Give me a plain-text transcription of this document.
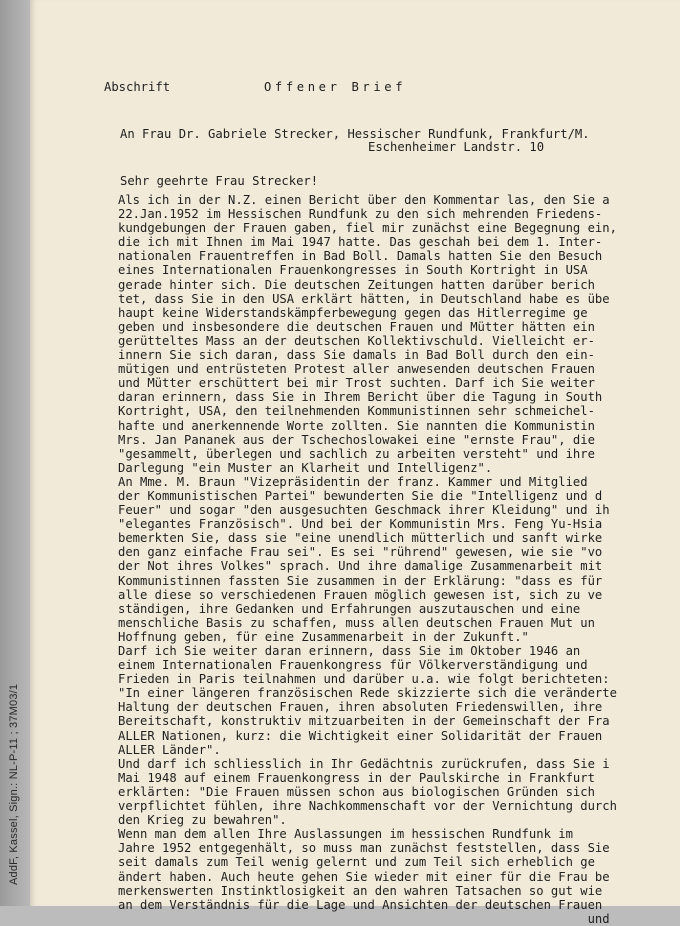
AddF, Kassel, Sign.: NL-P-11 ; 37M03/1
Abschrift	Offener Brief
An Frau Dr. Gabriele Strecker, Hessischer Rundfunk, Frankfurt/M.
Eschenheimer Landstr. 10
Sehr geehrte Frau Strecker!
Als ich in der N.Z. einen Bericht über den Kommentar las, den Sie a
22.Jan.1952 im Hessischen Rundfunk zu den sich mehrenden Friedens-
kundgebungen der Frauen gaben, fiel mir zunächst eine Begegnung ein,
die ich mit Ihnen im Mai 1947 hatte. Das geschah bei dem 1. Inter-
nationalen Frauentreffen in Bad Boll. Damals hatten Sie den Besuch
eines Internationalen Frauenkongresses in South Kortright in USA
gerade hinter sich. Die deutschen Zeitungen hatten darüber berich
tet, dass Sie in den USA erklärt hätten, in Deutschland habe es übe
haupt keine Widerstandskämpferbewegung gegen das Hitlerregime ge
geben und insbesondere die deutschen Frauen und Mütter hätten ein
gerütteltes Mass an der deutschen Kollektivschuld. Vielleicht er-
innern Sie sich daran, dass Sie damals in Bad Boll durch den ein-
mütigen und entrüsteten Protest aller anwesenden deutschen Frauen
und Mütter erschüttert bei mir Trost suchten. Darf ich Sie weiter
daran erinnern, dass Sie in Ihrem Bericht über die Tagung in South
Kortright, USA, den teilnehmenden Kommunistinnen sehr schmeichel-
hafte und anerkennende Worte zollten. Sie nannten die Kommunistin
Mrs. Jan Pananek aus der Tschechoslowakei eine "ernste Frau", die
"gesammelt, überlegen und sachlich zu arbeiten versteht" und ihre
Darlegung "ein Muster an Klarheit und Intelligenz".
An Mme. M. Braun "Vizepräsidentin der franz. Kammer und Mitglied
der Kommunistischen Partei" bewunderten Sie die "Intelligenz und d
Feuer" und sogar "den ausgesuchten Geschmack ihrer Kleidung" und ih
"elegantes Französisch". Und bei der Kommunistin Mrs. Feng Yu-Hsia
bemerkten Sie, dass sie "eine unendlich mütterlich und sanft wirke
den ganz einfache Frau sei". Es sei "rührend" gewesen, wie sie "vo
der Not ihres Volkes" sprach. Und ihre damalige Zusammenarbeit mit
Kommunistinnen fassten Sie zusammen in der Erklärung: "dass es für
alle diese so verschiedenen Frauen möglich gewesen ist, sich zu ve
ständigen, ihre Gedanken und Erfahrungen auszutauschen und eine
menschliche Basis zu schaffen, muss allen deutschen Frauen Mut un
Hoffnung geben, für eine Zusammenarbeit in der Zukunft."
Darf ich Sie weiter daran erinnern, dass Sie im Oktober 1946 an
einem Internationalen Frauenkongress für Völkerverständigung und
Frieden in Paris teilnahmen und darüber u.a. wie folgt berichteten:
"In einer längeren französischen Rede skizzierte sich die veränderte
Haltung der deutschen Frauen, ihren absoluten Friedenswillen, ihre
Bereitschaft, konstruktiv mitzuarbeiten in der Gemeinschaft der Fra
ALLER Nationen, kurz: die Wichtigkeit einer Solidarität der Frauen
ALLER Länder".
Und darf ich schliesslich in Ihr Gedächtnis zurückrufen, dass Sie i
Mai 1948 auf einem Frauenkongress in der Paulskirche in Frankfurt
erklärten: "Die Frauen müssen schon aus biologischen Gründen sich
verpflichtet fühlen, ihre Nachkommenschaft vor der Vernichtung durch
den Krieg zu bewahren".
Wenn man dem allen Ihre Auslassungen im hessischen Rundfunk im
Jahre 1952 entgegenhält, so muss man zunächst feststellen, dass Sie
seit damals zum Teil wenig gelernt und zum Teil sich erheblich ge
ändert haben. Auch heute gehen Sie wieder mit einer für die Frau be
merkenswerten Instinktlosigkeit an den wahren Tatsachen so gut wie
an dem Verständnis für die Lage und Ansichten der deutschen Frauen
und
